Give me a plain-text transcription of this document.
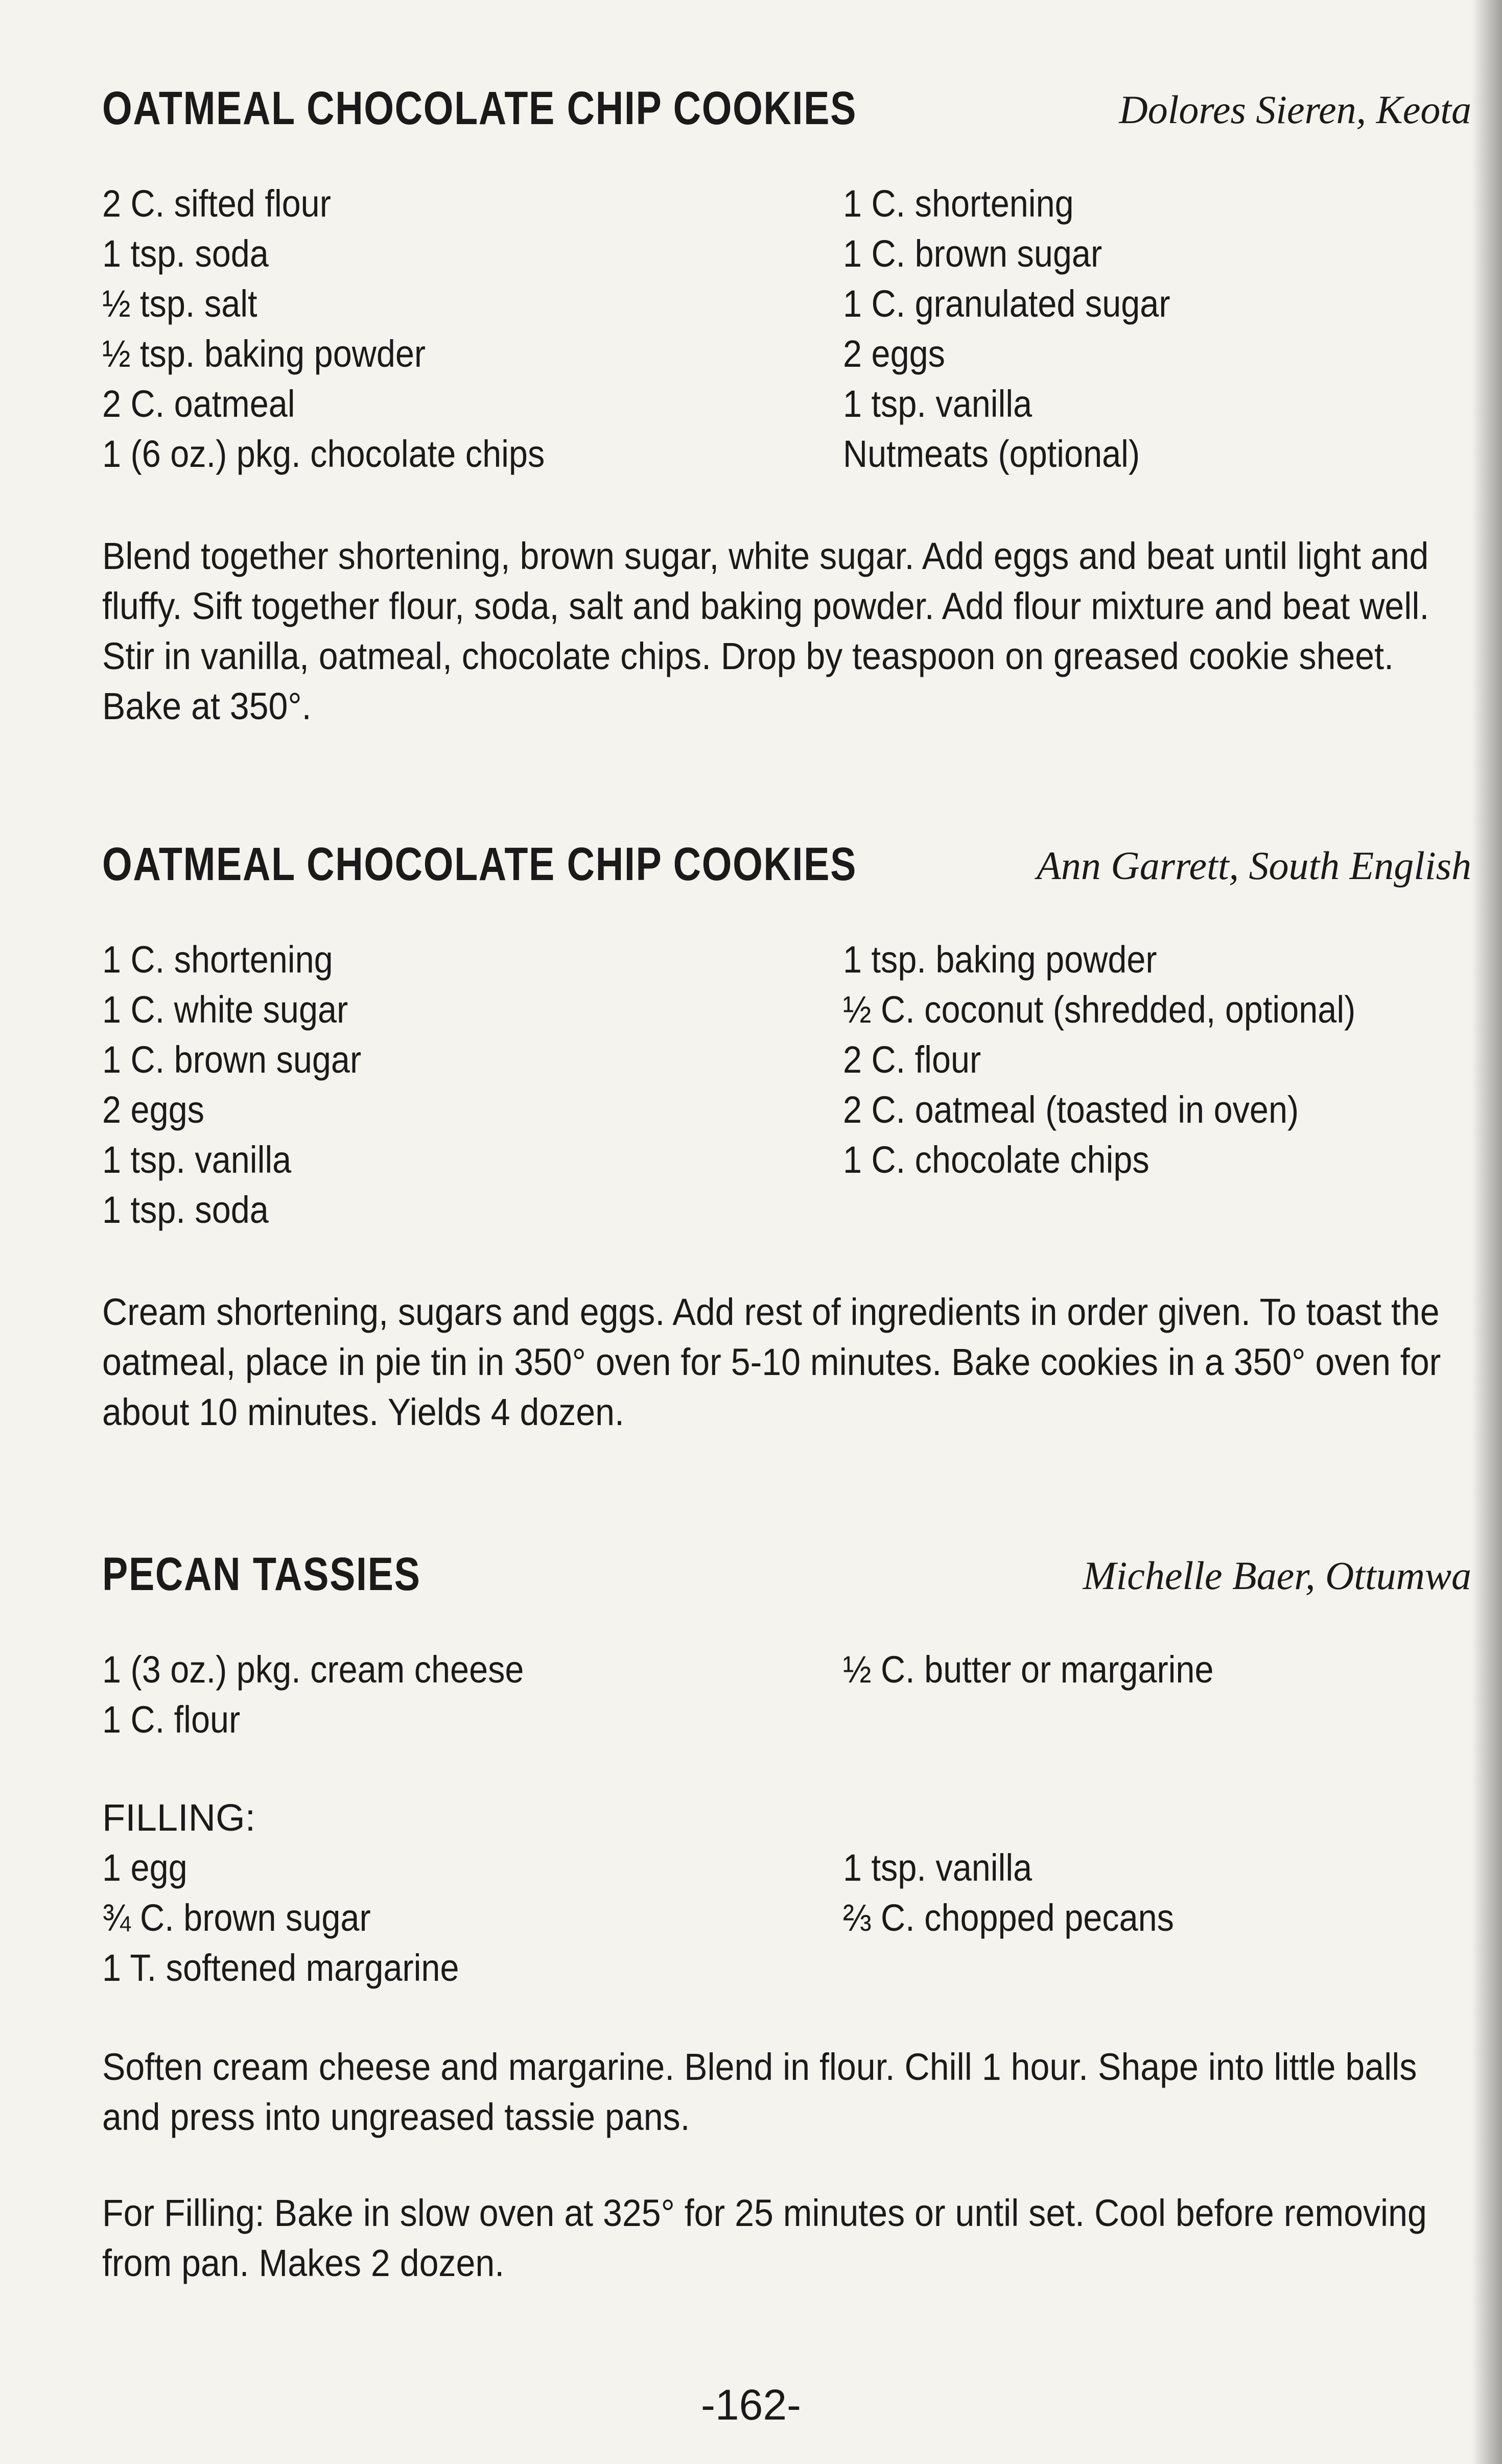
OATMEAL CHOCOLATE CHIP COOKIES	Dolores Sieren, Keota
2 C. sifted flour
1 tsp. soda
½ tsp. salt
½ tsp. baking powder
2 C. oatmeal
1 (6 oz.) pkg. chocolate chips
1 C. shortening
1 C. brown sugar
1 C. granulated sugar
2 eggs
1 tsp. vanilla
Nutmeats (optional)
Blend together shortening, brown sugar, white sugar. Add eggs and beat until light and fluffy. Sift together flour, soda, salt and baking powder. Add flour mixture and beat well. Stir in vanilla, oatmeal, chocolate chips. Drop by teaspoon on greased cookie sheet. Bake at 350°.
OATMEAL CHOCOLATE CHIP COOKIES	Ann Garrett, South English
1 C. shortening
1 C. white sugar
1 C. brown sugar
2 eggs
1 tsp. vanilla
1 tsp. soda
1 tsp. baking powder
½ C. coconut (shredded, optional)
2 C. flour
2 C. oatmeal (toasted in oven)
1 C. chocolate chips
Cream shortening, sugars and eggs. Add rest of ingredients in order given. To toast the oatmeal, place in pie tin in 350° oven for 5-10 minutes. Bake cookies in a 350° oven for about 10 minutes. Yields 4 dozen.
PECAN TASSIES	Michelle Baer, Ottumwa
1 (3 oz.) pkg. cream cheese
1 C. flour
½ C. butter or margarine
FILLING:
1 egg
¾ C. brown sugar
1 T. softened margarine
1 tsp. vanilla
⅔ C. chopped pecans
Soften cream cheese and margarine. Blend in flour. Chill 1 hour. Shape into little balls and press into ungreased tassie pans.
For Filling: Bake in slow oven at 325° for 25 minutes or until set. Cool before removing from pan. Makes 2 dozen.
-162-
